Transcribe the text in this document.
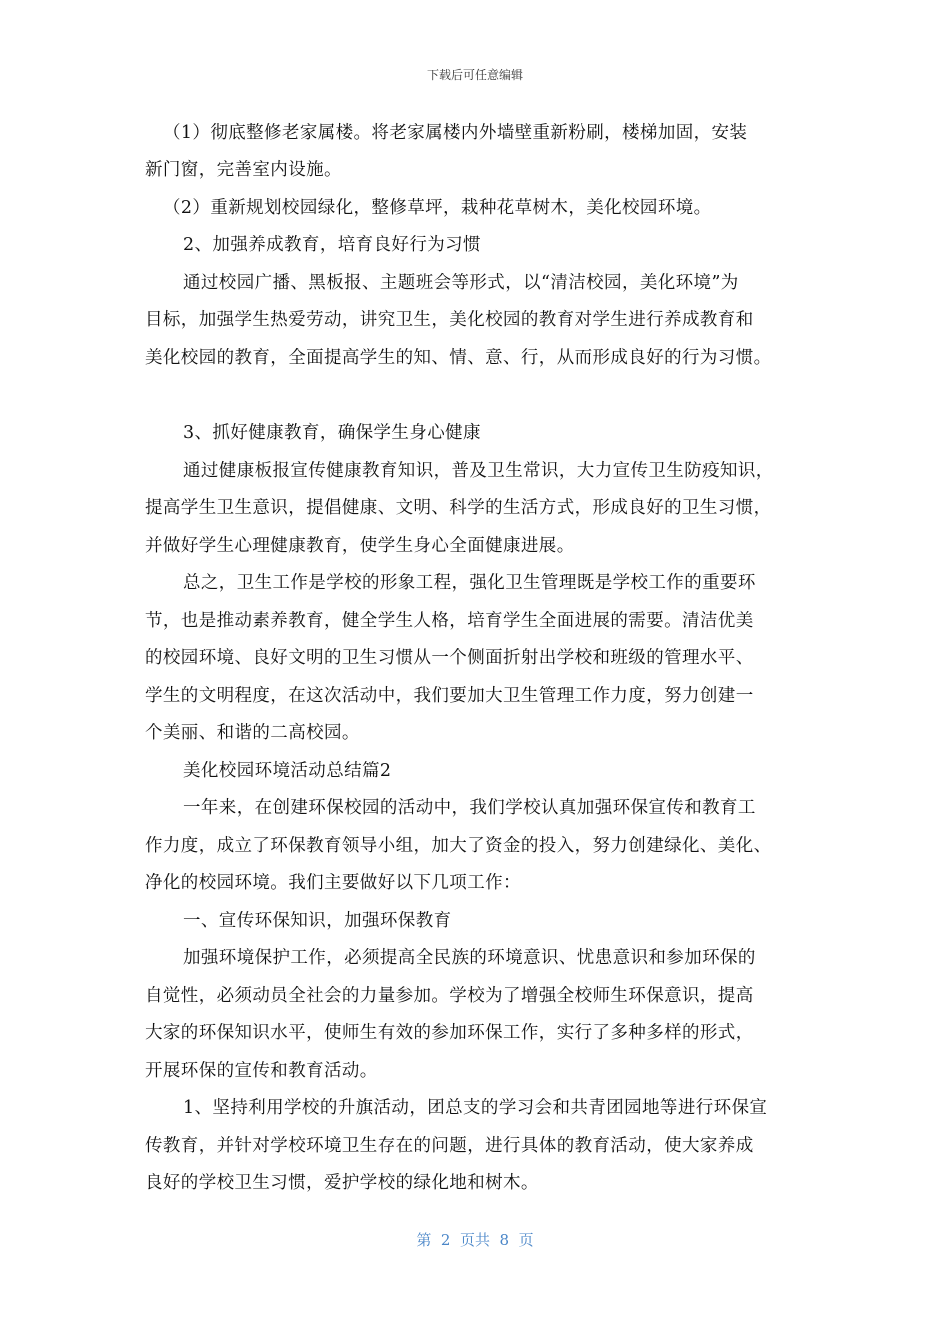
下载后可任意编辑
（1）彻底整修老家属楼。将老家属楼内外墙壁重新粉刷，楼梯加固，安装
新门窗，完善室内设施。
（2）重新规划校园绿化，整修草坪，栽种花草树木，美化校园环境。
2、加强养成教育，培育良好行为习惯
通过校园广播、黑板报、主题班会等形式，以“清洁校园，美化环境”为
目标，加强学生热爱劳动，讲究卫生，美化校园的教育对学生进行养成教育和
美化校园的教育，全面提高学生的知、情、意、行，从而形成良好的行为习惯。
3、抓好健康教育，确保学生身心健康
通过健康板报宣传健康教育知识，普及卫生常识，大力宣传卫生防疫知识，
提高学生卫生意识，提倡健康、文明、科学的生活方式，形成良好的卫生习惯，
并做好学生心理健康教育，使学生身心全面健康进展。
总之，卫生工作是学校的形象工程，强化卫生管理既是学校工作的重要环
节，也是推动素养教育，健全学生人格，培育学生全面进展的需要。清洁优美
的校园环境、良好文明的卫生习惯从一个侧面折射出学校和班级的管理水平、
学生的文明程度，在这次活动中，我们要加大卫生管理工作力度，努力创建一
个美丽、和谐的二高校园。
美化校园环境活动总结篇2
一年来，在创建环保校园的活动中，我们学校认真加强环保宣传和教育工
作力度，成立了环保教育领导小组，加大了资金的投入，努力创建绿化、美化、
净化的校园环境。我们主要做好以下几项工作：
一、宣传环保知识，加强环保教育
加强环境保护工作，必须提高全民族的环境意识、忧患意识和参加环保的
自觉性，必须动员全社会的力量参加。学校为了增强全校师生环保意识，提高
大家的环保知识水平，使师生有效的参加环保工作，实行了多种多样的形式，
开展环保的宣传和教育活动。
1、坚持利用学校的升旗活动，团总支的学习会和共青团园地等进行环保宣
传教育，并针对学校环境卫生存在的问题，进行具体的教育活动，使大家养成
良好的学校卫生习惯，爱护学校的绿化地和树木。
第  2  页共  8  页
